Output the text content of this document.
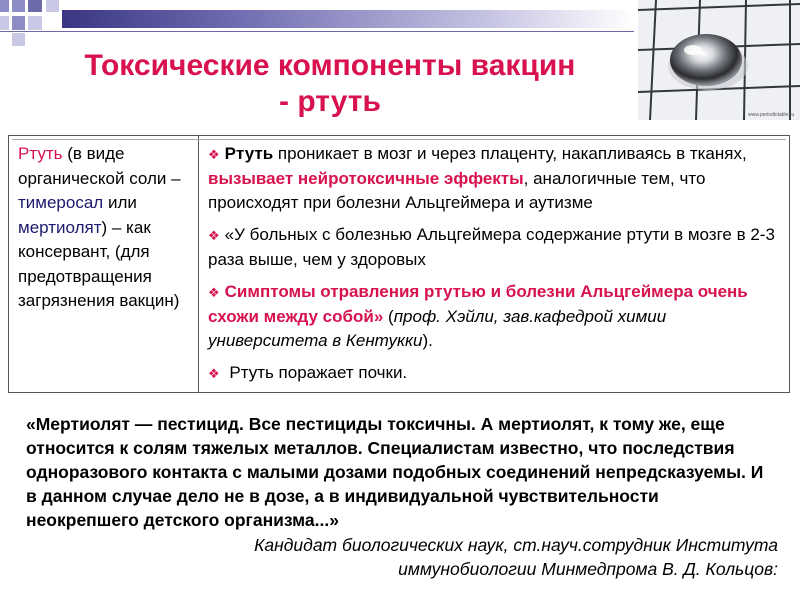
Токсические компоненты вакцин
- ртуть	www.periodictable.ru
Ртуть (в виде органической соли – тимеросал или мертиолят) – как консервант, (для предотвращения загрязнения вакцин)

❖ Ртуть проникает в мозг и через плаценту, накапливаясь в тканях, вызывает нейротоксичные эффекты, аналогичные тем, что происходят при болезни Альцгеймера и аутизме

❖ «У больных с болезнью Альцгеймера содержание ртути в мозге в 2-3 раза выше, чем у здоровых

❖ Симптомы отравления ртутью и болезни Альцгеймера очень схожи между собой» (проф. Хэйли, зав.кафедрой химии университета в Кентукки).

❖ Ртуть поражает почки.

«Мертиолят — пестицид. Все пестициды токсичны. А мертиолят, к тому же, еще относится к солям тяжелых металлов. Специалистам известно, что последствия одноразового контакта с малыми дозами подобных соединений непредсказуемы. И в данном случае дело не в дозе, а в индивидуальной чувствительности неокрепшего детского организма...»
Кандидат биологических наук, ст.науч.сотрудник Института
иммунобиологии Минмедпрома В. Д. Кольцов:
